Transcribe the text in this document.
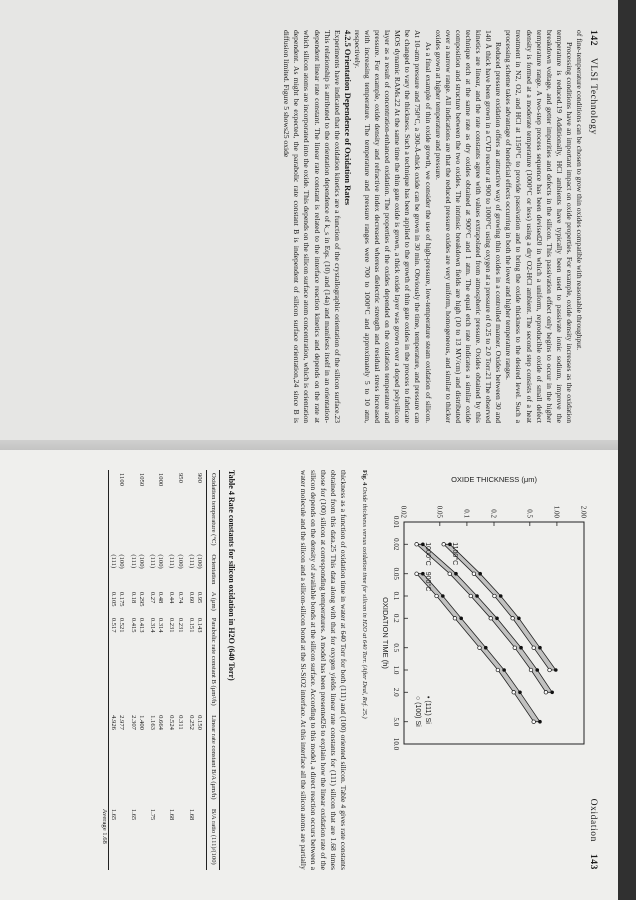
142    VLSI Technology

of fine-temperature conditions can be chosen to grow thin oxides compatible with reasonable throughput.

Processing conditions have an important impact on oxide properties. For example, oxide density increases as the oxidation temperature is reduced.19 Additionally, HCl ambients have typically been used to passivate ionic sodium, improve the breakdown voltage, and getter impurities and defects in the silicon. This passivation effect only begins to occur in the higher temperature range. A two-step process sequence has been devised20 in which a uniform, reproducible oxide of small defect density is formed at a moderate temperature (1000°C or less) using a dry O2-HCl ambient. The second step consists of a heat treatment in N2, O2, and HCl at 1150°C to provide passivation and to bring the oxide thickness to the desired level. Such a processing scheme takes advantage of beneficial effects occurring in both the lower and higher temperature ranges.

Reduced pressure oxidation offers an attractive way of growing thin oxides in a controlled manner. Oxides between 30 and 140 Å thick have been grown in a CVD reactor at 900 to 1000°C using oxygen at a pressure of 0.25 to 2.0 Torr.21 The observed kinetics are linear, and the rate constants agree with values extrapolated from atmospheric pressure. Oxides obtained by this technique etch at the same rate as dry oxides obtained at 900°C and 1 atm. The equal etch rate indicates a similar oxide composition and structure between the two oxides. The intrinsic breakdown fields are high (10 to 13 MV/cm) and distributed over a narrow range. All indications are that the reduced pressure oxides are very uniform, homogeneous, and similar to thicker oxides grown at higher temperature and pressure.

As a final example of thin oxide growth, we consider the use of high-pressure, low-temperature steam oxidation of silicon. At 10-atm pressure and 750°C, a 300-Å-thick oxide can be grown in 30 min. Obviously the time, temperature, and pressure can be changed to vary the thickness. Such a technique has been applied to the growth of thin gate oxides in the process to fabricate MOS dynamic RAMs.22 At the same time the thin gate oxide is grown, a thick oxide layer was grown over a doped polysilicon layer as a result of concentration-enhanced oxidation. The properties of the oxides depended on the oxidation temperature and pressure. For example, oxide density and refractive index decreased whereas dielectric strength and residual stress increased with increasing temperature. The temperature and pressure ranges were 700 to 1000°C and approximately 5 to 10 atm, respectively.

4.2.5 Orientation Dependence of Oxidation Rates

Experiments have indicated that the oxidation kinetics are a function of the crystallographic orientation of the silicon surface.23 This relationship is attributed to the orientation dependence of k_s in Eqs. (10) and (14a) and manifests itself in an orientation-dependent linear rate constant. The linear rate constant is related to the interface reaction kinetics and depends on the rate at which silicon atoms are incorporated into the oxide. This depends on the silicon surface atom concentration, which is orientation dependent. As might be expected, the parabolic rate constant B is independent of silicon surface orientation,24 since B is diffusion limited. Figure 5 shows25 oxide

Oxidation    143
0.01
0.02
0.05
0.1
0.2
0.5
1.0
2.0
5.0
10.0
0.02	0.05	0.1	0.2	0.5	1.00	2.00
OXIDATION TIME (h)
OXIDE THICKNESS (μm)
1100°C
1000°C
900°C
• (111) Si
○ (100) Si
Fig. 4 Oxide thickness versus oxidation time for silicon in H2O at 640 Torr. (After Deal, Ref. 25.)

thickness as a function of oxidation time in water at 640 Torr for both (111) and (100) oriented silicon. Table 4 gives rate constants obtained from this data.25 This data along with that for oxygen yields linear rate constants for (111) silicon that are 1.68 times those for (100) silicon at corresponding temperatures. A model has been presented26 to explain how the linear oxidation rate of the silicon depends on the density of available bonds at the silicon surface. According to this model, a direct reaction occurs between a water molecule and the silicon and a silicon-silicon bond at the Si-SiO2 interface. At this interface all the silicon atoms are partially

Table 4 Rate constants for silicon oxidation in H2O (640 Torr)
Oxidation temperature (°C)	Orientation	A (μm)	Parabolic rate constant B (μm²/h)	Linear rate constant B/A (μm/h)	B/A ratio (111)/(100)
900	(100)	0.95	0.143	0.150	
	(111)	0.60	0.151	0.252	1.68
950	(100)	0.74	0.231	0.311	
	(111)	0.44	0.231	0.524	1.68
1000	(100)	0.48	0.314	0.664	
	(111)	0.27	0.314	1.163	1.75
1050	(100)	0.295	0.413	1.400	
	(111)	0.18	0.415	2.307	1.65
1100	(100)	0.175	0.521	2.977	
	(111)	0.105	0.517	4.926	1.65
					Average 1.68
